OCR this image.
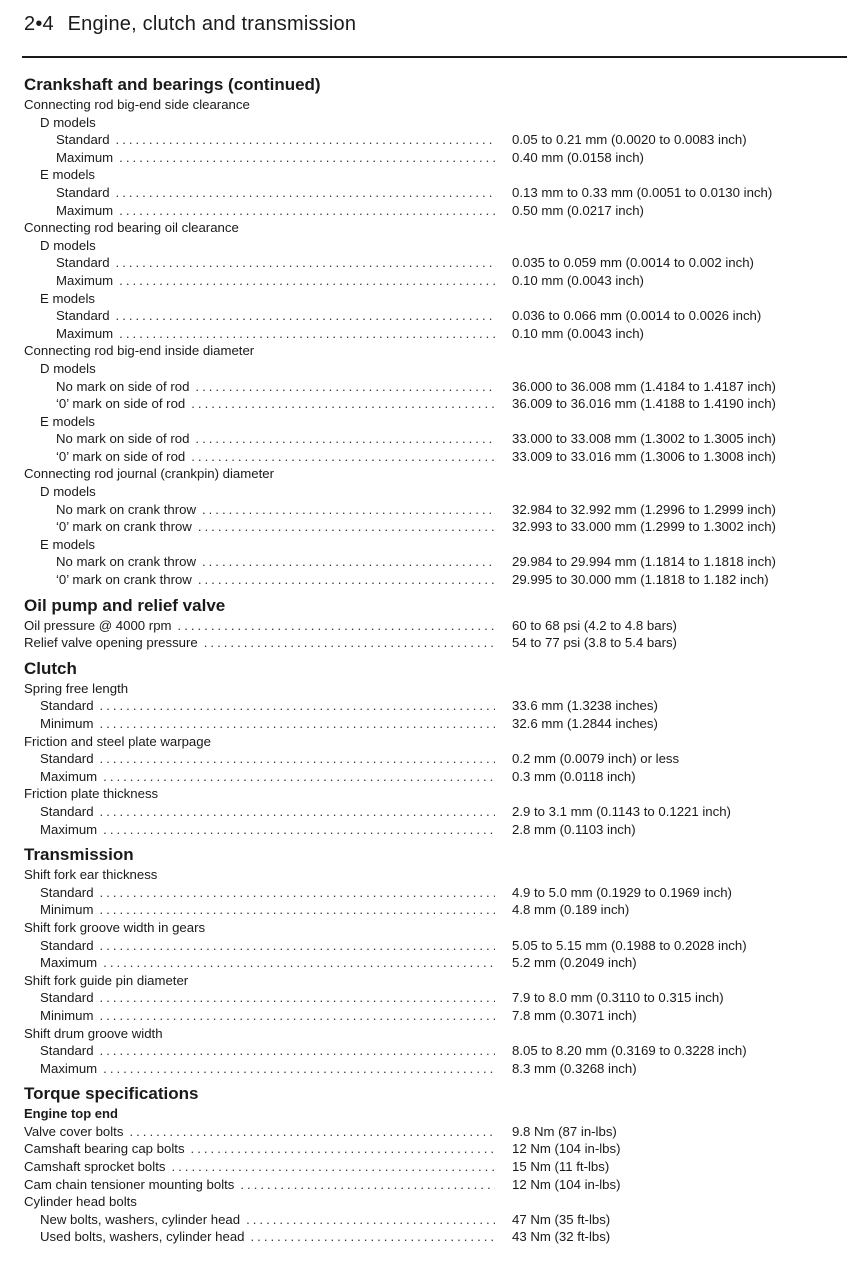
2•4 Engine, clutch and transmission
Crankshaft and bearings (continued)
Connecting rod big-end side clearance
D models
Standard .....	0.05 to 0.21 mm (0.0020 to 0.0083 inch)
Maximum .....	0.40 mm (0.0158 inch)
E models
Standard .....	0.13 mm to 0.33 mm (0.0051 to 0.0130 inch)
Maximum .....	0.50 mm (0.0217 inch)
Connecting rod bearing oil clearance
D models
Standard .....	0.035 to 0.059 mm (0.0014 to 0.002 inch)
Maximum .....	0.10 mm (0.0043 inch)
E models
Standard .....	0.036 to 0.066 mm (0.0014 to 0.0026 inch)
Maximum .....	0.10 mm (0.0043 inch)
Connecting rod big-end inside diameter
D models
No mark on side of rod .....	36.000 to 36.008 mm (1.4184 to 1.4187 inch)
‘0’ mark on side of rod .....	36.009 to 36.016 mm (1.4188 to 1.4190 inch)
E models
No mark on side of rod .....	33.000 to 33.008 mm (1.3002 to 1.3005 inch)
‘0’ mark on side of rod .....	33.009 to 33.016 mm (1.3006 to 1.3008 inch)
Connecting rod journal (crankpin) diameter
D models
No mark on crank throw .....	32.984 to 32.992 mm (1.2996 to 1.2999 inch)
‘0’ mark on crank throw .....	32.993 to 33.000 mm (1.2999 to 1.3002 inch)
E models
No mark on crank throw .....	29.984 to 29.994 mm (1.1814 to 1.1818 inch)
‘0’ mark on crank throw .....	29.995 to 30.000 mm (1.1818 to 1.182 inch)
Oil pump and relief valve
Oil pressure @ 4000 rpm .....	60 to 68 psi (4.2 to 4.8 bars)
Relief valve opening pressure .....	54 to 77 psi (3.8 to 5.4 bars)
Clutch
Spring free length
Standard .....	33.6 mm (1.3238 inches)
Minimum .....	32.6 mm (1.2844 inches)
Friction and steel plate warpage
Standard .....	0.2 mm (0.0079 inch) or less
Maximum .....	0.3 mm (0.0118 inch)
Friction plate thickness
Standard .....	2.9 to 3.1 mm (0.1143 to 0.1221 inch)
Maximum .....	2.8 mm (0.1103 inch)
Transmission
Shift fork ear thickness
Standard .....	4.9 to 5.0 mm (0.1929 to 0.1969 inch)
Minimum .....	4.8 mm (0.189 inch)
Shift fork groove width in gears
Standard .....	5.05 to 5.15 mm (0.1988 to 0.2028 inch)
Maximum .....	5.2 mm (0.2049 inch)
Shift fork guide pin diameter
Standard .....	7.9 to 8.0 mm (0.3110 to 0.315 inch)
Minimum .....	7.8 mm (0.3071 inch)
Shift drum groove width
Standard .....	8.05 to 8.20 mm (0.3169 to 0.3228 inch)
Maximum .....	8.3 mm (0.3268 inch)
Torque specifications
Engine top end
Valve cover bolts .....	9.8 Nm (87 in-lbs)
Camshaft bearing cap bolts .....	12 Nm (104 in-lbs)
Camshaft sprocket bolts .....	15 Nm (11 ft-lbs)
Cam chain tensioner mounting bolts .....	12 Nm (104 in-lbs)
Cylinder head bolts
New bolts, washers, cylinder head .....	47 Nm (35 ft-lbs)
Used bolts, washers, cylinder head .....	43 Nm (32 ft-lbs)
